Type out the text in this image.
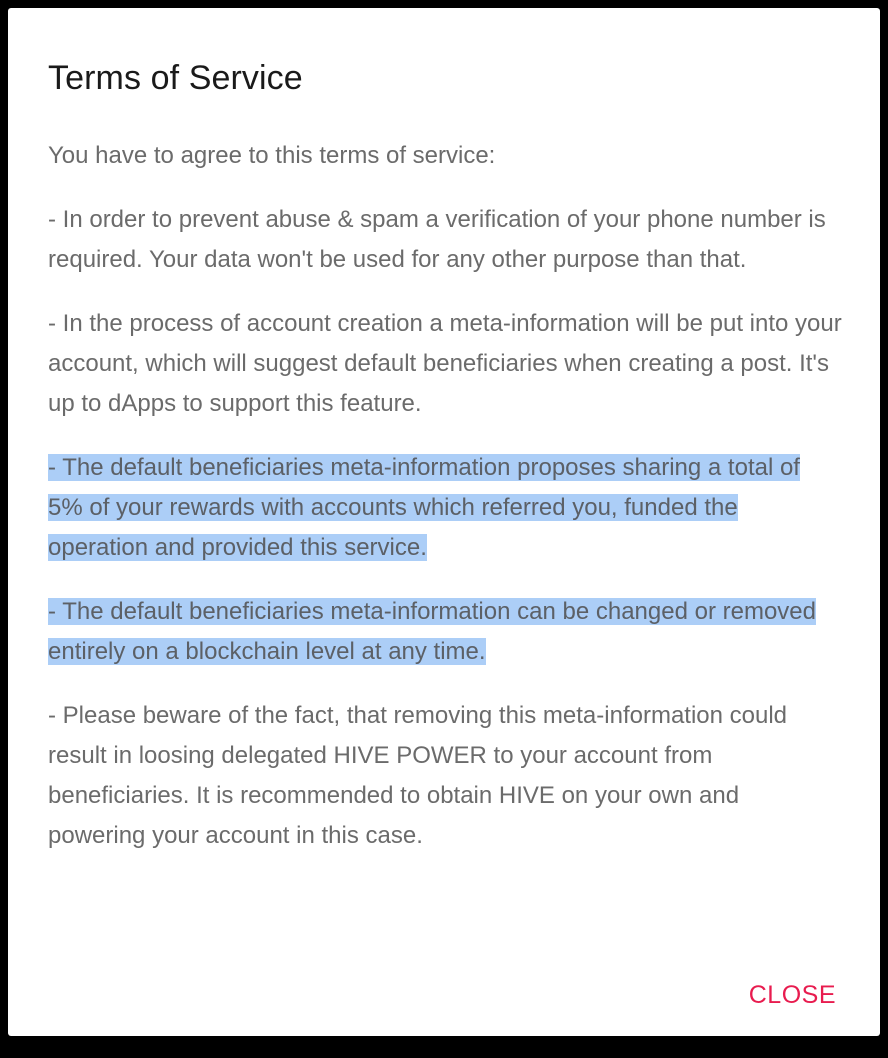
Terms of Service

You have to agree to this terms of service:

- In order to prevent abuse & spam a verification of your phone number is required. Your data won't be used for any other purpose than that.

- In the process of account creation a meta-information will be put into your account, which will suggest default beneficiaries when creating a post. It's up to dApps to support this feature.

- The default beneficiaries meta-information proposes sharing a total of 5% of your rewards with accounts which referred you, funded the operation and provided this service.

- The default beneficiaries meta-information can be changed or removed entirely on a blockchain level at any time.

- Please beware of the fact, that removing this meta-information could result in loosing delegated HIVE POWER to your account from beneficiaries. It is recommended to obtain HIVE on your own and powering your account in this case.

CLOSE
